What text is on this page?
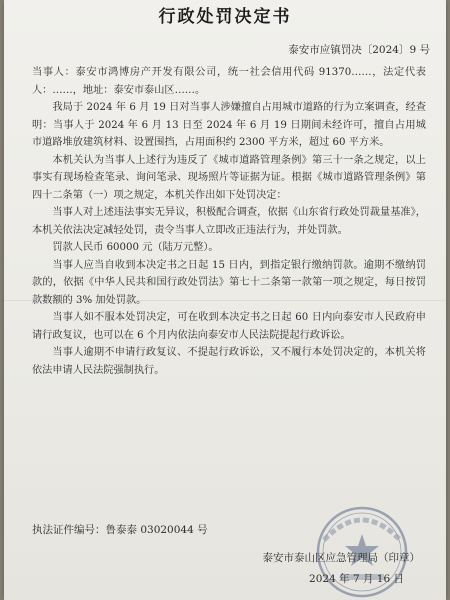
行政处罚决定书
泰安市应镇罚决〔2024〕9 号

当事人：泰安市鸿博房产开发有限公司，统一社会信用代码 91370……，法定代表人：……，地址：泰安市泰山区……。

我局于 2024 年 6 月 19 日对当事人涉嫌擅自占用城市道路的行为立案调查，经查明：当事人于 2024 年 6 月 13 日至 2024 年 6 月 19 日期间未经许可，擅自占用城市道路堆放建筑材料、设置围挡，占用面积约 2300 平方米，超过 60 平方米。

本机关认为当事人上述行为违反了《城市道路管理条例》第三十一条之规定，以上事实有现场检查笔录、询问笔录、现场照片等证据为证。根据《城市道路管理条例》第四十二条第（一）项之规定，本机关作出如下处罚决定：

当事人对上述违法事实无异议，积极配合调查，依据《山东省行政处罚裁量基准》，本机关依法决定减轻处罚，责令当事人立即改正违法行为，并处罚款。

罚款人民币 60000 元（陆万元整）。

当事人应当自收到本决定书之日起 15 日内，到指定银行缴纳罚款。逾期不缴纳罚款的，依据《中华人民共和国行政处罚法》第七十二条第一款第一项之规定，每日按罚款数额的 3% 加处罚款。

当事人如不服本处罚决定，可在收到本决定书之日起 60 日内向泰安市人民政府申请行政复议，也可以在 6 个月内依法向泰安市人民法院提起行政诉讼。

当事人逾期不申请行政复议、不提起行政诉讼，又不履行本处罚决定的，本机关将依法申请人民法院强制执行。

执法证件编号：鲁泰泰 03020044 号
泰安市泰山区应急管理局（印章）
2024 年 7 月 16 日
